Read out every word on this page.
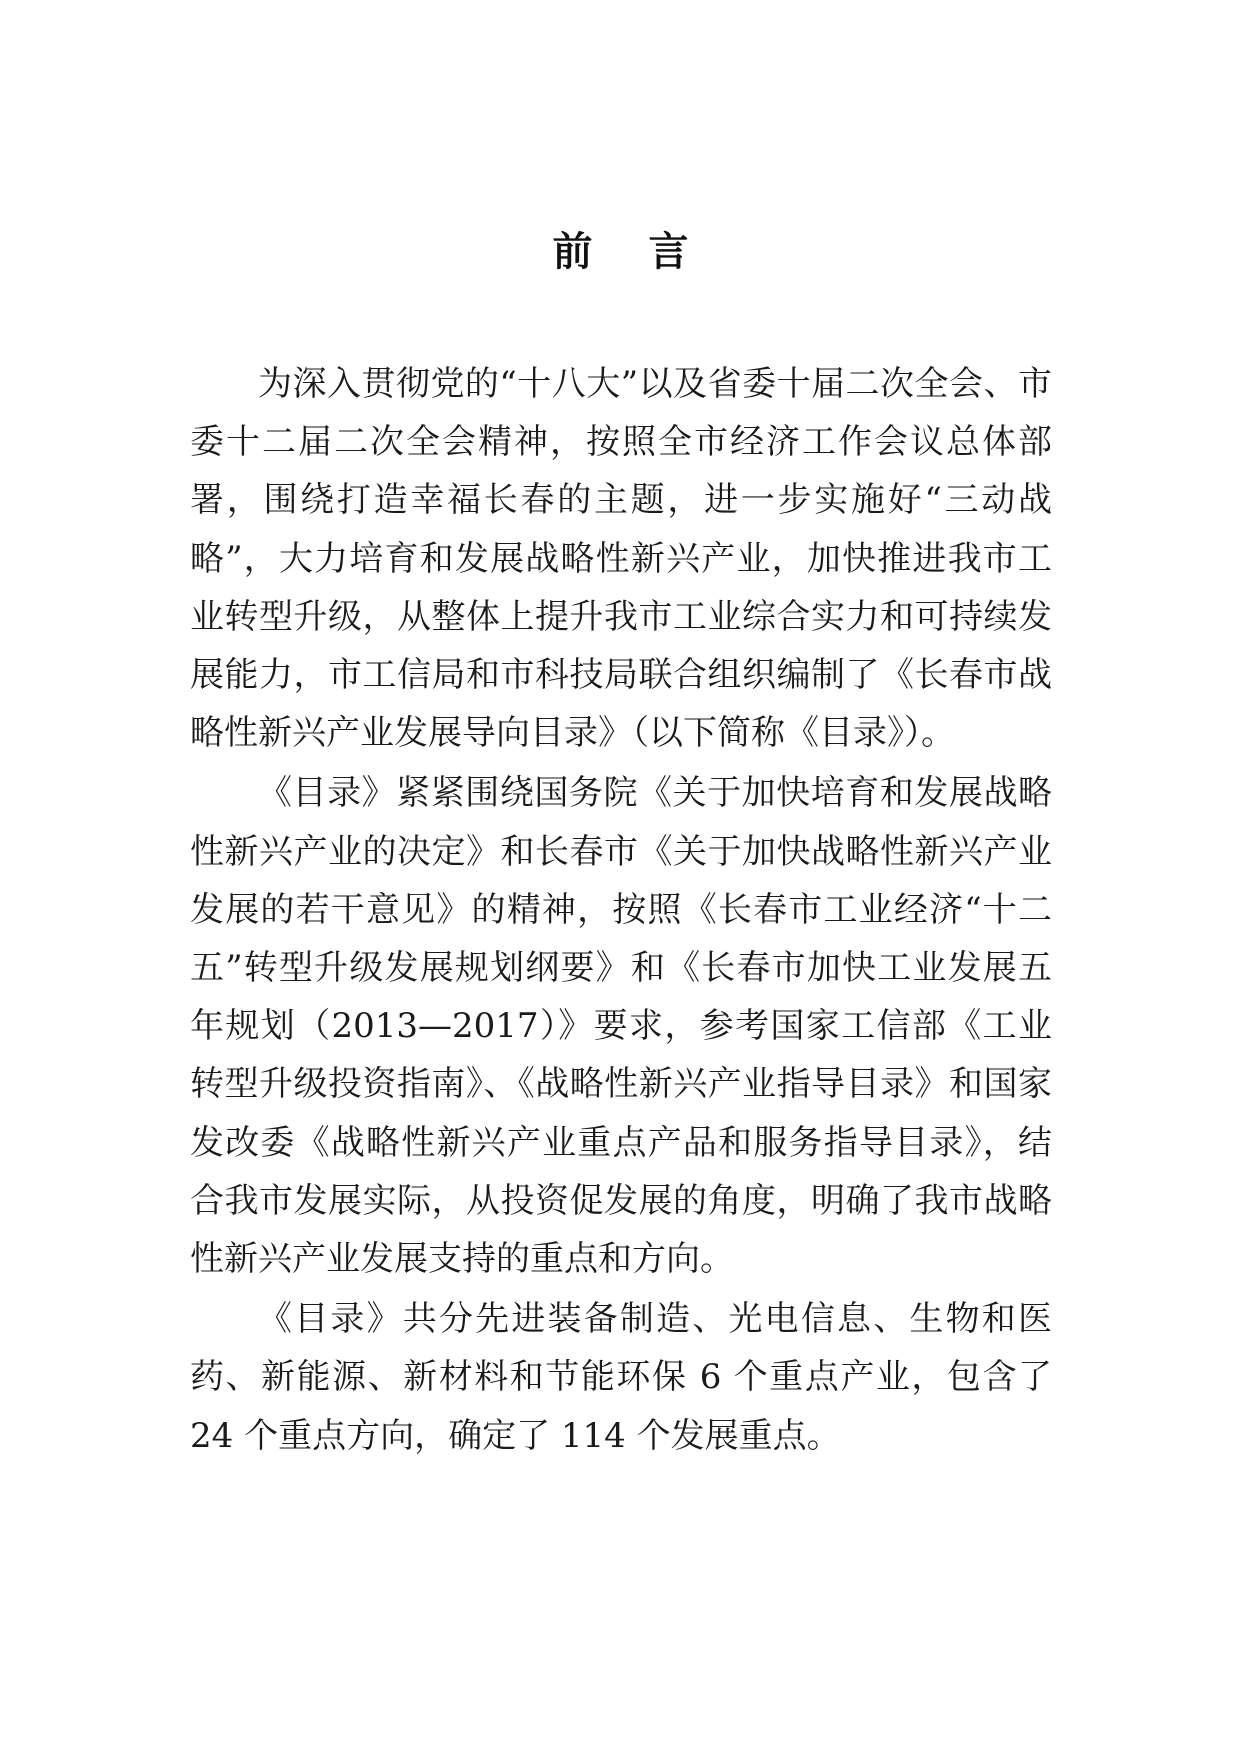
前言

为深入贯彻党的“十八大”以及省委十届二次全会、市委十二届二次全会精神，按照全市经济工作会议总体部署，围绕打造幸福长春的主题，进一步实施好“三动战略”，大力培育和发展战略性新兴产业，加快推进我市工业转型升级，从整体上提升我市工业综合实力和可持续发展能力，市工信局和市科技局联合组织编制了《长春市战略性新兴产业发展导向目录》（以下简称《目录》）。

《目录》紧紧围绕国务院《关于加快培育和发展战略性新兴产业的决定》和长春市《关于加快战略性新兴产业发展的若干意见》的精神，按照《长春市工业经济“十二五”转型升级发展规划纲要》和《长春市加快工业发展五年规划（2013—2017）》要求，参考国家工信部《工业转型升级投资指南》、《战略性新兴产业指导目录》和国家发改委《战略性新兴产业重点产品和服务指导目录》，结合我市发展实际，从投资促发展的角度，明确了我市战略性新兴产业发展支持的重点和方向。

《目录》共分先进装备制造、光电信息、生物和医药、新能源、新材料和节能环保 6 个重点产业，包含了 24 个重点方向，确定了 114 个发展重点。
